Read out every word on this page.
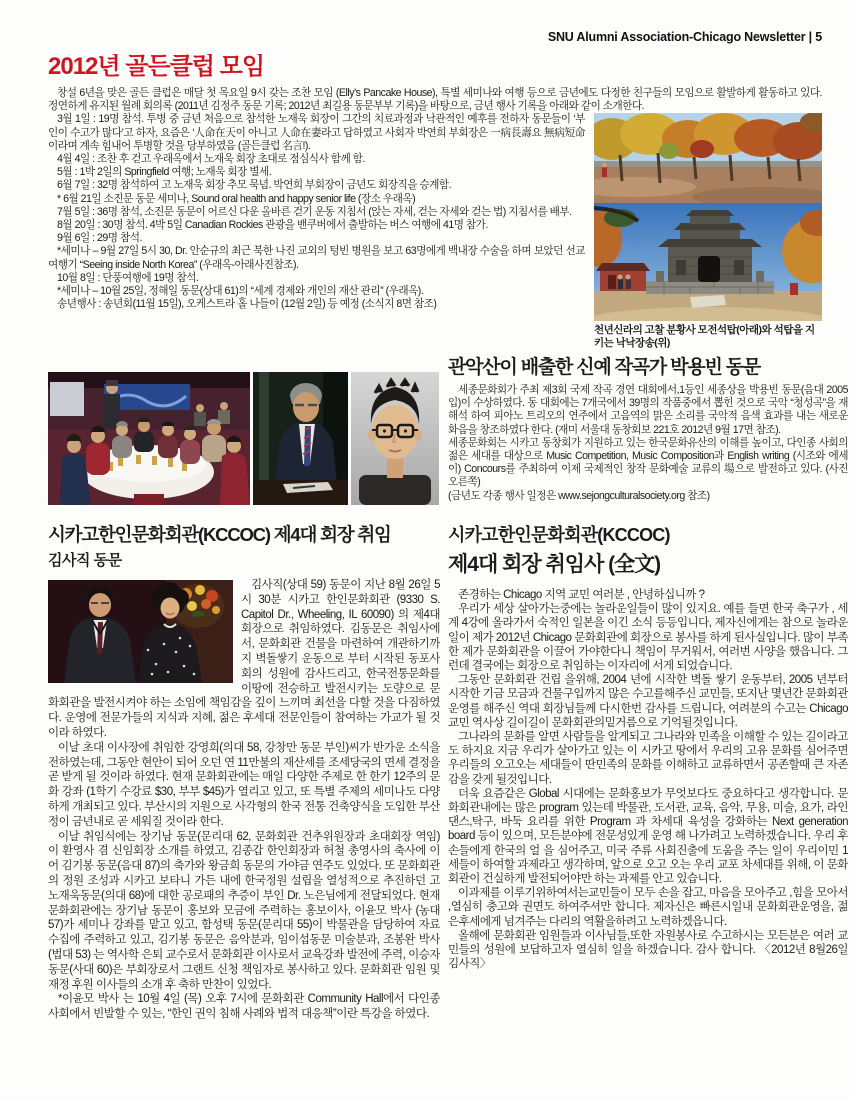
SNU Alumni Association-Chicago Newsletter | 5
2012년 골든클럽 모임

창설 6년을 맞은 골든 클럽은 매달 첫 목요일 9시 갖는 조찬 모임 (Elly’s Pancake House), 특별 세미나와 여행 등으로 금년에도 다정한 친구들의 모임으로 활발하게 활동하고 있다. 정연하게 유지된 월례 회의록 (2011년 김정주 동문 기록; 2012년 최길용 동문부부 기록)을 바탕으로, 금년 행사 기록을 아래와 같이 소개한다.

천년신라의 고찰 분황사 모전석탑(아래)와 석탑을 지키는 낙낙장송(위)

3월 1일 : 19명 참석. 투병 중 금년 처음으로 참석한 노재욱 회장이 그간의 치료과정과 낙관적인 예후를 전하자 동문들이 ‘부인이 수고가 많다’고 하자, 요즘은 ‘人命在天이 아니고 人命在妻라고 답하였고 사회자 박연희 부회장은 一病長壽요 無病短命이라며 계속 힘내어 투병할 것을 당부하였음 (골든클럽 名言!).

4월 4일 : 조찬 후 걷고 우래옥에서 노재욱 회장 초대로 점심식사 함께 함.

5월 : 1박 2일의 Springfield 여행; 노재욱 회장 별세.

6월 7일 : 32명 참석하여 고 노재욱 회장 추모 묵념. 박연희 부회장이 금년도 회장직을 승계함.

* 6월 21일 소진문 동문 세미나, Sound oral health and happy senior life (장소 우래옥)

7월 5일 : 36명 참석, 소진문 동문이 어르신 다운 올바른 걷기 운동 지침서 (앉는 자세, 걷는 자세와 걷는 법) 지침서를 배부.

8월 20일 : 30명 참석. 4박 5일 Canadian Rockies 관광을 밴쿠버에서 출발하는 버스 여행에 41명 참가.

9월 6일 : 29명 참석.

*세미나 – 9월 27일 5시 30, Dr. 안순규의 최근 북한 나진 교외의 텅빈 병원을 보고 63명에게 백내장 수술을 하며 보았던 선교 여행기 “Seeing inside North Korea” (우래옥-아래사진참조).

10월 8일 : 단풍여행에 19명 참석.

*세미나 – 10월 25일, 정해일 동문(상대 61)의 “세계 경제와 개인의 재산 관리” (우래옥).

송년행사 : 송년회(11월 15일), 오케스트라 홀 나들이 (12월 2일) 등 예정 (소식지 8면 참조)

관악산이 배출한 신예 작곡가 박용빈 동문

세종문화회가 주최 제3회 국제 작곡 경연 대회에서,1등인 세종상을 박용빈 동문(음대 2005입)이 수상하였다. 동 대회에는 7개국에서 39명의 작품중에서 뽑힌 것으로 국악 “청성곡”을 재해석 하여 피아노 트리오의 연주에서 고음역의 맑은 소리를 국악적 음색 효과를 내는 새로운 화음을 창조하였다 한다. (재미 서울대 동창회보 221호 2012년 9월 17면 참조).

세종문화회는 시카고 동창회가 지원하고 있는 한국문화유산의 이해를 높이고, 다인종 사회의 젊은 세대를 대상으로 Music Competition, Music Composition과 English writing (시조와 에세이) Concours를 주최하여 이제 국제적인 창작 문화예술 교류의 場으로 발전하고 있다. (사진 오른쪽)

(금년도 각종 행사 일정은 www.sejongculturalsociety.org 참조)

시카고한인문화회관(KCCOC) 제4대 회장 취임
김사직 동문

김사직(상대 59) 동문이 지난 8월 26일 5시 30분 시카고 한인문화회관 (9330 S. Capitol Dr., Wheeling, IL 60090) 의 제4대 회장으로 취임하였다. 김동문은 취임사에서, 문화회관 건물을 마련하여 개관하기까지 벽돌쌓기 운동으로 부터 시작된 동포사회의 성원에 감사드리고, 한국전통문화를 이땅에 전승하고 발전시키는 도량으로 문화회관을 발전시켜야 하는 소임에 책임감을 깊이 느끼며 최선을 다할 것을 다짐하였다. 운영에 전문가들의 지식과 지혜, 젊은 후세대 전문인들이 참여하는 가교가 될 것이라 하였다.

이날 초대 이사장에 취임한 강영희(의대 58, 강창만 동문 부인)씨가 반가운 소식을 전하였는데, 그동안 현안이 되어 오던 연 11만불의 재산세를 조세당국의 면세 결정을 곧 받게 될 것이라 하였다. 현재 문화회관에는 매일 다양한 주제로 한 한기 12주의 문화 강좌 (1학기 수강료 $30, 부부 $45)가 열리고 있고, 또 특별 주제의 세미나도 다양하게 개최되고 있다. 부산시의 지원으로 사각형의 한국 전통 건축양식을 도입한 부산정이 금년내로 곧 세워질 것이라 한다.

이날 취임식에는 장기남 동문(문리대 62, 문화회관 건추위원장과 초대회장 역임)이 환영사 겸 신임회장 소개를 하였고, 김종갑 한인회장과 허철 총영사의 축사에 이어 김기봉 동문(음대 87)의 축가와 왕금희 동문의 가야금 연주도 있었다. 또 문화회관의 정원 조성과 시카고 보타니 가든 내에 한국정원 설립을 열성적으로 추진하던 고 노재욱동문(의대 68)에 대한 공로패의 추증이 부인 Dr. 노은님에게 전달되었다. 현재 문화회관에는 장기남 동문이 홍보와 모금에 주력하는 홍보이사, 이윤모 박사 (농대 57)가 세미나 강좌를 맡고 있고, 함성택 동문(문리대 55)이 박물관을 담당하여 자료 수집에 주력하고 있고, 김기봉 동문은 음악분과, 임이섭동문 미술분과, 조봉완 박사 (법대 53) 는 역사학 은퇴 교수로서 문화회관 이사로서 교육강좌 발전에 주력, 이승자동문(사대 60)은 부회장로서 그랜트 신청 책임자로 봉사하고 있다. 문화회관 임원 및 재정 후원 이사들의 소개 후 축하 만찬이 있었다.

*이윤모 박사 는 10월 4일 (목) 오후 7시에 문화회관 Community Hall에서 다인종 사회에서 빈발할 수 있는, “한인 권익 침해 사례와 법적 대응책”이란 특강을 하였다.

시카고한인문화회관(KCCOC)
제4대 회장 취임사 (全文)

존경하는 Chicago 지역 교민 여러분 , 안녕하십니까 ?

우리가 세상 살아가는중에는 놀라운일들이 많이 있지요. 예를 들면 한국 축구가 , 세계 4강에 올라가서 숙적인 일본을 이긴 소식 등등입니다, 제자신에게는 참으로 놀라운일이 제가 2012년 Chicago 문화회관에 회장으로 봉사를 하게 된사실입니다. 많이 부족한 제가 문화회관을 이끌어 가야한다니 책임이 무거워서, 여러번 사양을 했읍니다. 그런데 결국에는 회장으로 취임하는 이자리에 서게 되었습니다.

그동안 문화회관 건립 을위해, 2004 년에 시작한 벽돌 쌓기 운동부터, 2005 년부터 시작한 기금 모금과 건물구입까지 많은 수고를해주신 교민들, 또지난 몇년간 문화회관 운영를 해주신 역대 회장님들께 다시한번 감사를 드립니다, 여려분의 수고는 Chicago 교민 역사상 길이길이 문화회관의밑거름으로 기억될것입니다.

그나라의 문화를 알면 사람들을 알게되고 그나라와 민족을 이해할 수 있는 길이라고도 하지요 지금 우리가 살아가고 있는 이 시카고 땅에서 우리의 고유 문화를 심어주면 우리들의 오고오는 세대들이 딴민족의 문화를 이해하고 교류하면서 공존할때 큰 자존감을 갖게 될것입니다.

더욱 요즘같은 Global 시대에는 문화홍보가 무엇보다도 중요하다고 생각합니다. 문화회관내에는 많은 program 있는데 박물관, 도서관, 교육, 음악, 무용, 미술, 요가, 라인댄스,탁구, 바둑 요리를 위한 Program 과 차세대 육성을 강화하는 Next generation board 등이 있으며, 모든분야에 전문성있게 운영 해 나가려고 노력하겠습니다. 우리 후손들에게 한국의 얼 을 심어주고, 미국 주류 사회진출에 도움을 주는 일이 우리이민 1세들이 하여할 과제라고 생각하며, 앞으로 오고 오는 우리 교포 차세대를 위해, 이 문화회관이 건실하게 발전되어야만 하는 과제를 안고 있습니다.

이과제를 이루기위하여서는교민들이 모두 손을 잡고, 마음을 모아주고 ,힘을 모아서 ,열심히 충고와 권면도 하여주셔만 합니다. 제자신은 빠른시일내 문화회관운영을, 젊은후세에게 넘겨주는 다리의 역활을하려고 노력하겠읍니다.

올해에 문화회관 임원들과 이사님들,또한 자원봉사로 수고하시는 모든분은 여러 교민들의 성원에 보답하고자 열심히 일을 하겠습니다. 감사 합니다. 〈2012년 8월26일 김사직〉
